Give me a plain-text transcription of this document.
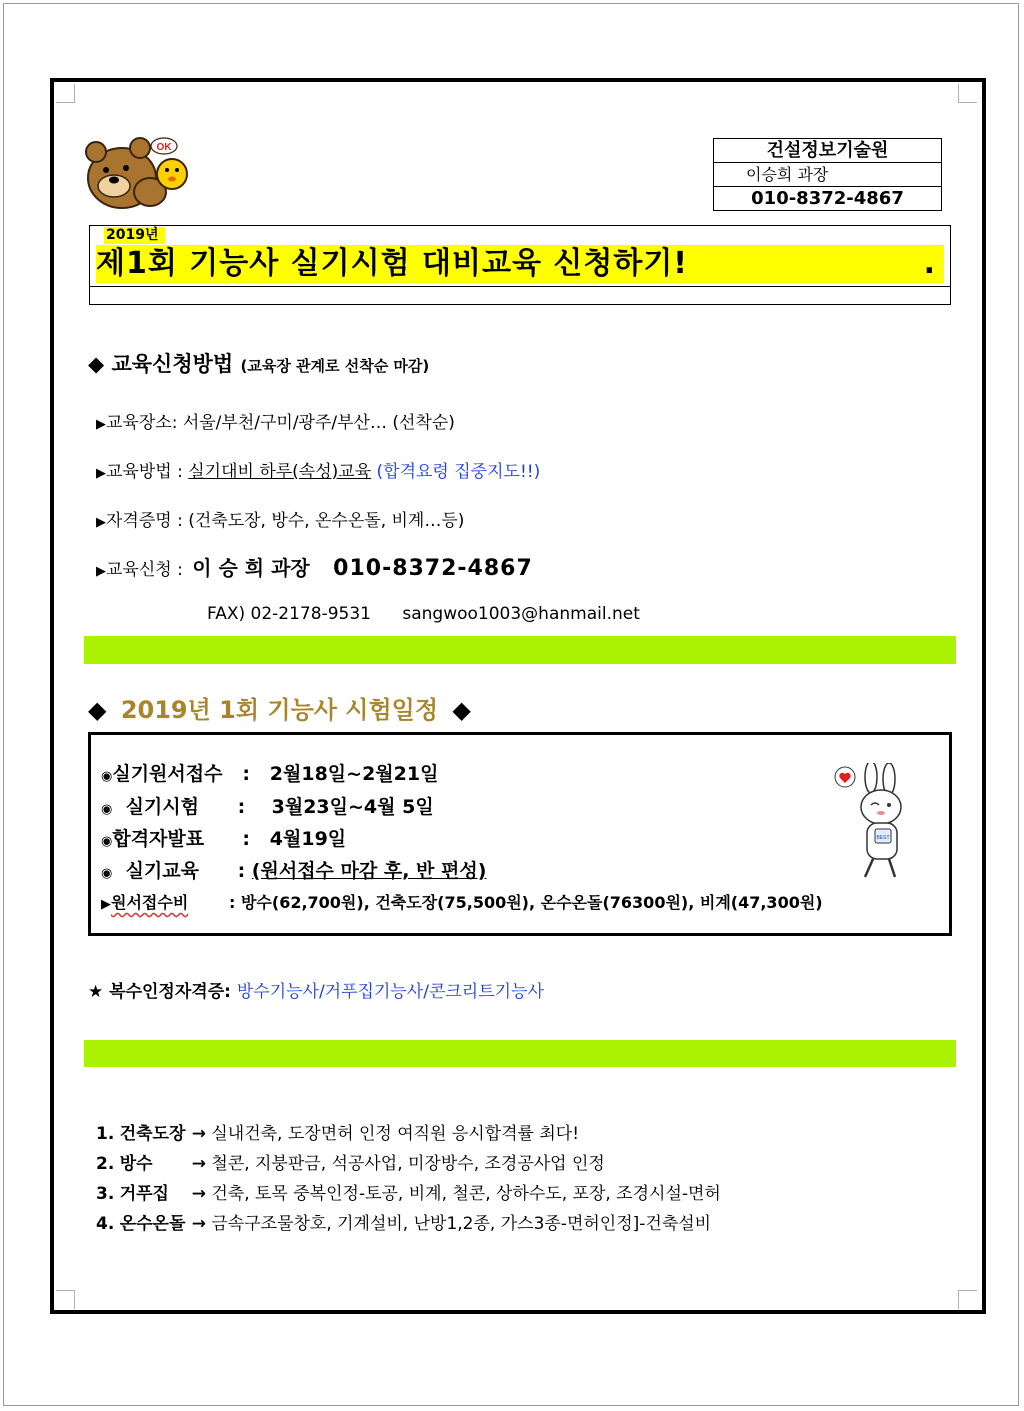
OK	건설정보기술원
이승희 과장
010-8372-4867
2019년
제1회 기능사 실기시험 대비교육 신청하기!	.
◆ 교육신청방법 (교육장 관계로 선착순 마감)
▶교육장소: 서울/부천/구미/광주/부산… (선착순)
▶교육방법 : 실기대비 하루(속성)교육 (합격요령 집중지도!!)
▶자격증명 : (건축도장, 방수, 온수온돌, 비계…등)
▶교육신청 : 이 승 희 과장 010-8372-4867
FAX) 02-2178-9531 sangwoo1003@hanmail.net
◆ 2019년 1회 기능사 시험일정 ◆
◉실기원서접수 :   2월18일~2월21일
◉ 실기시험 :    3월23일~4월 5일
◉합격자발표 :   4월19일
◉ 실기교육 : (원서접수 마감 후, 반 편성)
▶원서접수비	: 방수(62,700원), 건축도장(75,500원), 온수온돌(76300원), 비계(47,300원)
BEST
★ 복수인정자격증: 방수기능사/거푸집기능사/콘크리트기능사
1. 건축도장 → 실내건축, 도장면허 인정 여직원 응시합격률 최다!
2. 방수 → 철콘, 지붕판금, 석공사업, 미장방수, 조경공사업 인정
3. 거푸집 → 건축, 토목 중복인정-토공, 비계, 철콘, 상하수도, 포장, 조경시설-면허
4. 온수온돌 → 금속구조물창호, 기계설비, 난방1,2종, 가스3종-면허인정]-건축설비
